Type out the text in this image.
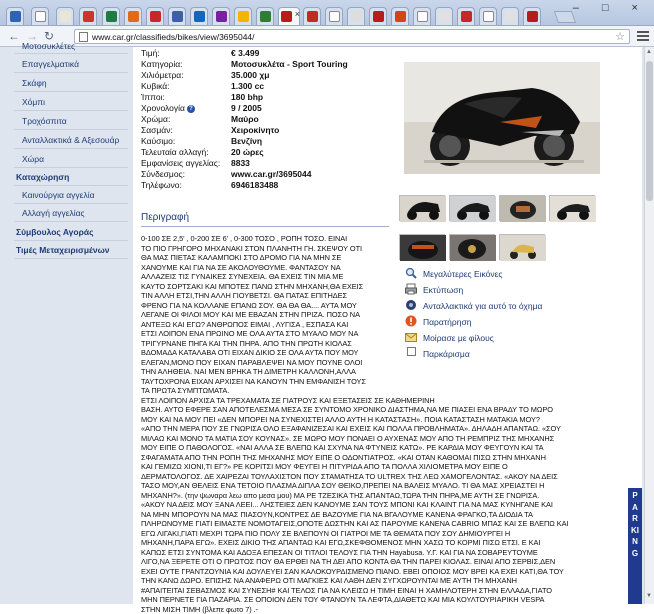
×	– □ ×
← → ↻	www.car.gr/classifieds/bikes/view/3695044/	☆
Μοτοσυκλέτες
Επαγγελματικά
Σκάφη
Χόμπι
Τροχόσπιτα
Ανταλλακτικά & Αξεσουάρ
Χώρα
Καταχώρηση
Καινούργια αγγελία
Αλλαγή αγγελίας
Σύμβουλος Αγοράς
Τιμές Μεταχειρισμένων
Τιμή:	€ 3.499
Κατηγορία:	Μοτοσυκλέτα - Sport Touring
Χιλιόμετρα:	35.000 χμ
Κυβικά:	1.300 cc
Ίπποι:	180 bhp
Χρονολογία ?	9 / 2005
Χρώμα:	Μαύρο
Σασμάν:	Χειροκίνητο
Καύσιμο:	Βενζίνη
Τελευταία αλλαγή:	20 ώρες
Εμφανίσεις αγγελίας: 8833
Σύνδεσμος:	www.car.gr/3695044
Τηλέφωνο:	6946183488
Μεγαλύτερες Εικόνες
Εκτύπωση
Ανταλλακτικά για αυτό το όχημα
Παρατήρηση
Μοίρασε με φίλους
Παρκάρισμα
Περιγραφή
0-100 ΣΕ 2,5' , 0-200 ΣΕ 6' , 0-300 ΤΟΣΟ , ΡΟΠΗ ΤΟΣΟ. ΕΙΝΑΙ
ΤΟ ΠΙΟ ΓΡΗΓΟΡΟ ΜΗΧΑΝΑΚΙ ΣΤΟΝ ΠΛΑΝΗΤΗ ΓΗ. ΣΚΕΨΟΥ ΟΤΙ
ΘΑ ΜΑΣ ΠΙΕΤΑΣ ΚΑΛΑΜΠΟΚΙ ΣΤΟ ΔΡΟΜΟ ΓΙΑ ΝΑ ΜΗΝ ΣΕ
ΧΑΝΟΥΜΕ ΚΑΙ ΓΙΑ ΝΑ ΣΕ ΑΚΟΛΟΥΘΟΥΜΕ. ΦΑΝΤΑΣΟΥ ΝΑ
ΑΛΛΑΖΕΙΣ ΤΙΣ ΓΥΝΑΙΚΕΣ ΣΥΝΕΧΕΙΑ. ΘΑ ΕΧΕΙΣ ΤΙΝ ΜΙΑ ΜΕ
ΚΑΥΤΟ ΣΟΡΤΣΑΚΙ ΚΑΙ ΜΠΟΤΕΣ ΠΑΝΩ ΣΤΗΝ ΜΗΧΑΝΗ,ΘΑ ΕΧΕΙΣ
ΤΙΝ ΑΛΛΗ ΕΤΣΙ,ΤΗΝ ΑΛΛΗ ΓΙΟΥΒΕΤΣΙ. ΘΑ ΠΑΤΑΣ ΕΠΙΤΗΔΕΣ
ΦΡΕΝΟ ΓΙΑ ΝΑ ΚΟΛΛΑΝΕ ΕΠΑΝΩ ΣΟΥ. ΘΑ ΘΑ ΘΑ.... ΑΥΤΑ ΜΟΥ
ΛΕΓΑΝΕ ΟΙ ΦΙΛΟΙ ΜΟΥ ΚΑΙ ΜΕ ΕΒΑΖΑΝ ΣΤΗΝ ΠΡΙΖΑ. ΠΟΣΟ ΝΑ
ΑΝΤΕΞΩ ΚΑΙ ΕΓΩ? ΑΝΘΡΩΠΟΣ ΕΙΜΑΙ , ΛΥΓΙΣΑ , ΕΣΠΑΣΑ ΚΑΙ
ΕΤΣΙ ΛΟΙΠΟΝ ΕΝΑ ΠΡΩΙΝΟ ΜΕ ΟΛΑ ΑΥΤΑ ΣΤΟ ΜΥΑΛΟ ΜΟΥ ΝΑ
ΤΡΙΓΥΡΝΑΝΕ ΠΗΓΑ ΚΑΙ ΤΗΝ ΠΗΡΑ. ΑΠΟ ΤΗΝ ΠΡΩΤΗ ΚΙΟΛΑΣ
ΒΔΟΜΑΔΑ ΚΑΤΑΛΑΒΑ ΟΤΙ ΕΙΧΑΝ ΔΙΚΙΟ ΣΕ ΟΛΑ ΑΥΤΑ ΠΟΥ ΜΟΥ
ΕΛΕΓΑΝ,ΜΟΝΟ ΠΟΥ ΕΙΧΑΝ ΠΑΡΑΒΛΕΨΕΙ ΝΑ ΜΟΥ ΠΟΥΝΕ ΟΛΟΙ
ΤΗΝ ΑΛΗΘΕΙΑ. ΝΑΙ ΜΕΝ ΒΡΗΚΑ ΤΗ ΔΙΜΕΤΡΗ ΚΑΛΛΟΝΗ,ΑΛΛΑ
ΤΑΥΤΟΧΡΟΝΑ ΕΙΧΑΝ ΑΡΧΙΣΕΙ ΝΑ ΚΑΝΟΥΝ ΤΗΝ ΕΜΦΑΝΙΣΗ ΤΟΥΣ
ΤΑ ΠΡΩΤΑ ΣΥΜΠΤΩΜΑΤΑ.
ΕΤΣΙ ΛΟΙΠΟΝ ΑΡΧΙΣΑ ΤΑ ΤΡΕΧΑΜΑΤΑ ΣΕ ΓΙΑΤΡΟΥΣ ΚΑΙ ΕΞΕΤΑΣΕΙΣ ΣΕ ΚΑΘΗΜΕΡΙΝΗ
ΒΑΣΗ. ΑΥΤΟ ΕΦΕΡΕ ΣΑΝ ΑΠΟΤΕΛΕΣΜΑ ΜΕΣΑ ΣΕ ΣΥΝΤΟΜΟ ΧΡΟΝΙΚΟ ΔΙΑΣΤΗΜΑ,ΝΑ ΜΕ ΠΙΑΣΕΙ ΕΝΑ ΒΡΑΔΥ ΤΟ ΜΩΡΟ
ΜΟΥ ΚΑΙ ΝΑ ΜΟΥ ΠΕΙ «ΔΕΝ ΜΠΟΡΕΙ ΝΑ ΣΥΝΕΧΙΣΤΕΙ ΑΛΛΟ ΑΥΤΗ Η ΚΑΤΑΣΤΑΣΗ». ΠΟΙΑ ΚΑΤΑΣΤΑΣΗ ΜΑΤΑΚΙΑ ΜΟΥ?
«ΑΠΟ ΤΗΝ ΜΕΡΑ ΠΟΥ ΣΕ ΓΝΩΡΙΣΑ ΟΛΟ ΕΞΑΦΑΝΙΖΕΣΑΙ ΚΑΙ ΕΧΕΙΣ ΚΑΙ ΠΟΛΛΑ ΠΡΟΒΛΗΜΑΤΑ». ΔΗΛΑΔΗ ΑΠΑΝΤΑΩ. «ΣΟΥ
ΜΙΛΑΩ ΚΑΙ ΜΟΝΟ ΤΑ ΜΑΤΙΑ ΣΟΥ ΚΟΥΝΑΣ». ΣΕ ΜΩΡΟ ΜΟΥ ΠΟΝΑΕΙ Ο ΑΥΧΕΝΑΣ ΜΟΥ ΑΠΟ ΤΗ ΡΕΜΠΡΙΖ ΤΗΣ ΜΗΧΑΝΗΣ
ΜΟΥ ΕΙΠΕ Ο ΠΑΘΟΛΟΓΟΣ. «ΝΑΙ ΑΛΛΑ ΣΕ ΒΛΕΠΩ ΚΑΙ ΣΧΥΝΑ ΝΑ ΦΤΥΝΕΙΣ ΚΑΤΩ». ΡΕ ΚΑΡΔΙΑ ΜΟΥ ΦΕΥΓΟΥΝ ΚΑΙ ΤΑ
ΣΦΑΓΑΜΑΤΑ ΑΠΟ ΤΗΝ ΡΟΠΗ ΤΗΣ ΜΗΧΑΝΗΣ ΜΟΥ ΕΙΠΕ Ο ΟΔΟΝΤΙΑΤΡΟΣ. «ΚΑΙ ΟΤΑΝ ΚΑΘΟΜΑΙ ΠΙΣΩ ΣΤΗΝ ΜΗΧΑΝΗ
ΚΑΙ ΓΕΜΙΖΩ ΧΙΟΝΙ,ΤΙ ΕΓ?» ΡΕ ΚΟΡΙΤΣΙ ΜΟΥ ΦΕΥΓΕΙ Η ΠΙΤΥΡΙΔΑ ΑΠΟ ΤΑ ΠΟΛΛΑ ΧΙΛΙΟΜΕΤΡΑ ΜΟΥ ΕΙΠΕ Ο
ΔΕΡΜΑΤΟΛΟΓΟΣ. ΔΕ ΧΑΙΡΕΖΑΙ ΤΟΥΛΑΧΙΣΤΟΝ ΠΟΥ ΣΤΑΜΑΤΗΣΑ ΤΟ ULTREX ΤΗΣ ΛΕΩ ΧΑΜΟΓΕΛΟΝΤΑΣ. «ΑΚΟΥ ΝΑ ΔΕΙΣ
ΤΑΣΟ ΜΟΥ,ΑΝ ΘΕΛΕΙΣ ΕΝΑ ΤΕΤΟΙΟ ΠΛΑΣΜΑ ΔΙΠΛΑ ΣΟΥ ΘΕΙΚΟ,ΠΡΕΠΕΙ ΝΑ ΒΑΛΕΙΣ ΜΥΑΛΟ. ΤΙ ΘΑ ΜΑΣ ΧΡΕΙΑΣΤΕΙ Η
ΜΗΧΑΝΗ?». (την ψωναρα λεω απο μεσα μου) ΜΑ ΡΕ ΤΖΕΣΙΚΑ ΤΗΣ ΑΠΑΝΤΑΩ,ΤΩΡΑ ΤΗΝ ΠΗΡΑ,ΜΕ ΑΥΤΗ ΣΕ ΓΝΩΡΙΣΑ.
«ΑΚΟΥ ΝΑ ΔΕΙΣ ΜΟΥ ΞΑΝΑ ΛΕΕΙ... ΛΗΣΤΕΙΕΣ ΔΕΝ ΚΑΝΟΥΜΕ ΣΑΝ ΤΟΥΣ ΜΠΟΝΙ ΚΑΙ ΚΛΑΙΝΤ ΓΙΑ ΝΑ ΜΑΣ ΚΥΝΗΓΑΝΕ ΚΑΙ
ΝΑ ΜΗΝ ΜΠΟΡΟΥΝ ΝΑ ΜΑΣ ΠΙΑΣΟΥΝ,ΚΟΝΤΡΕΣ ΔΕ ΒΑΖΟΥΜΕ ΓΙΑ ΝΑ ΒΓΑΛΟΥΜΕ ΚΑΝΕΝΑ ΦΡΑΓΚΟ,ΤΑ ΔΙΟΔΙΑ ΤΑ
ΠΛΗΡΩΝΟΥΜΕ ΓΙΑΤΙ ΕΙΜΑΣΤΕ ΝΟΜΟΤΑΓΕΙΣ,ΟΠΟΤΕ ΔΩΣΤΗΝ ΚΑΙ ΑΣ ΠΑΡΟΥΜΕ ΚΑΝΕΝΑ CABRIO ΜΠΑΣ ΚΑΙ ΣΕ ΒΛΕΠΩ ΚΑΙ
ΕΓΩ ΛΙΓΑΚΙ,ΓΙΑΤΙ ΜΕΧΡΙ ΤΩΡΑ ΠΙΟ ΠΟΛΥ ΣΕ ΒΛΕΠΟΥΝ ΟΙ ΓΙΑΤΡΟΙ ΜΕ ΤΑ ΘΕΜΑΤΑ ΠΟΥ ΣΟΥ ΔΗΜΙΟΥΡΓΕΙ Η
ΜΗΧΑΝΗ,ΠΑΡΑ ΕΓΩ». ΕΧΕΙΣ ΔΙΚΙΟ ΤΗΣ ΑΠΑΝΤΑΩ ΚΑΙ ΕΓΩ,ΣΚΕΦΘΟΜΕΝΟΣ ΜΗΝ ΧΑΣΩ ΤΟ ΚΟΡΜΙ ΠΙΣΩ ΕΤΣΙ. Ε ΚΑΙ
ΚΑΠΩΣ ΕΤΣΙ ΣΥΝΤΟΜΑ ΚΑΙ ΑΔΟΞΑ ΕΠΕΣΑΝ ΟΙ ΤΙΤΛΟΙ ΤΕΛΟΥΣ ΓΙΑ ΤΗΝ Hayabusa. Υ.Γ. ΚΑΙ ΓΙΑ ΝΑ ΣΟΒΑΡΕΥΤΟΥΜΕ
ΛΙΓΟ,ΝΑ ΞΕΡΕΤΕ ΟΤΙ Ο ΠΡΩΤΟΣ ΠΟΥ ΘΑ ΕΡΘΕΙ ΝΑ ΤΗ ΔΕΙ ΑΠΟ ΚΟΝΤΑ ΘΑ ΤΗΝ ΠΑΡΕΙ ΚΙΟΛΑΣ. ΕΙΝΑΙ ΑΠΟ ΣΕΡΒΙΣ,ΔΕΝ
ΕΧΕΙ ΟΥΤΕ ΓΡΑΝΤΖΟΥΝΙΑ ΚΑΙ ΔΟΥΛΕΥΕΙ ΣΑΝ ΚΑΛΟΚΟΥΡΔΙΣΜΕΝΟ ΠΙΑΝΟ. ΕΒΕΙ ΟΠΟΙΟΣ ΜΟΥ ΒΡΕΙ ΚΑ ΕΧΕΙ ΚΑΤΙ,ΘΑ ΤΟΥ
ΤΗΝ ΚΑΝΩ ΔΩΡΟ. ΕΠΙΣΗΣ ΝΑ ΑΝΑΦΕΡΩ ΟΤΙ ΜΑΓΚΙΕΣ ΚΑΙ ΛΑΘΗ ΔΕΝ ΣΥΓΧΩΡΟΥΝΤΑΙ ΜΕ ΑΥΤΗ ΤΗ ΜΗΧΑΝΗ
#ΑΠΑΙΤΕΙΤΑΙ ΣΕΒΑΣΜΟΣ ΚΑΙ ΣΥΝΕΣΗ# ΚΑΙ ΤΕΛΟΣ ΓΙΑ ΝΑ ΚΛΕΙΣΩ Η ΤΙΜΗ ΕΙΝΑΙ Η ΧΑΜΗΛΟΤΕΡΗ ΣΤΗΝ ΕΛΛΑΔΑ,ΓΙΑΤΟ
ΜΗΝ ΠΕΡΝΕΤΕ ΓΙΑ ΠΑΖΑΡΙΑ. ΣΕ ΟΠΟΙΟΝ ΔΕΝ ΤΟΥ ΦΤΑΝΟΥΝ ΤΑ ΛΕΦΤΑ,ΔΙΑΘΕΤΩ ΚΑΙ ΜΙΑ ΚΟΥΛΤΟΥΡΙΑΡΙΚΗ VESPA
ΣΤΗΝ ΜΙΣΗ ΤΙΜΗ (βλεπε φωτο 7) .-
▲
▼
PARKING
